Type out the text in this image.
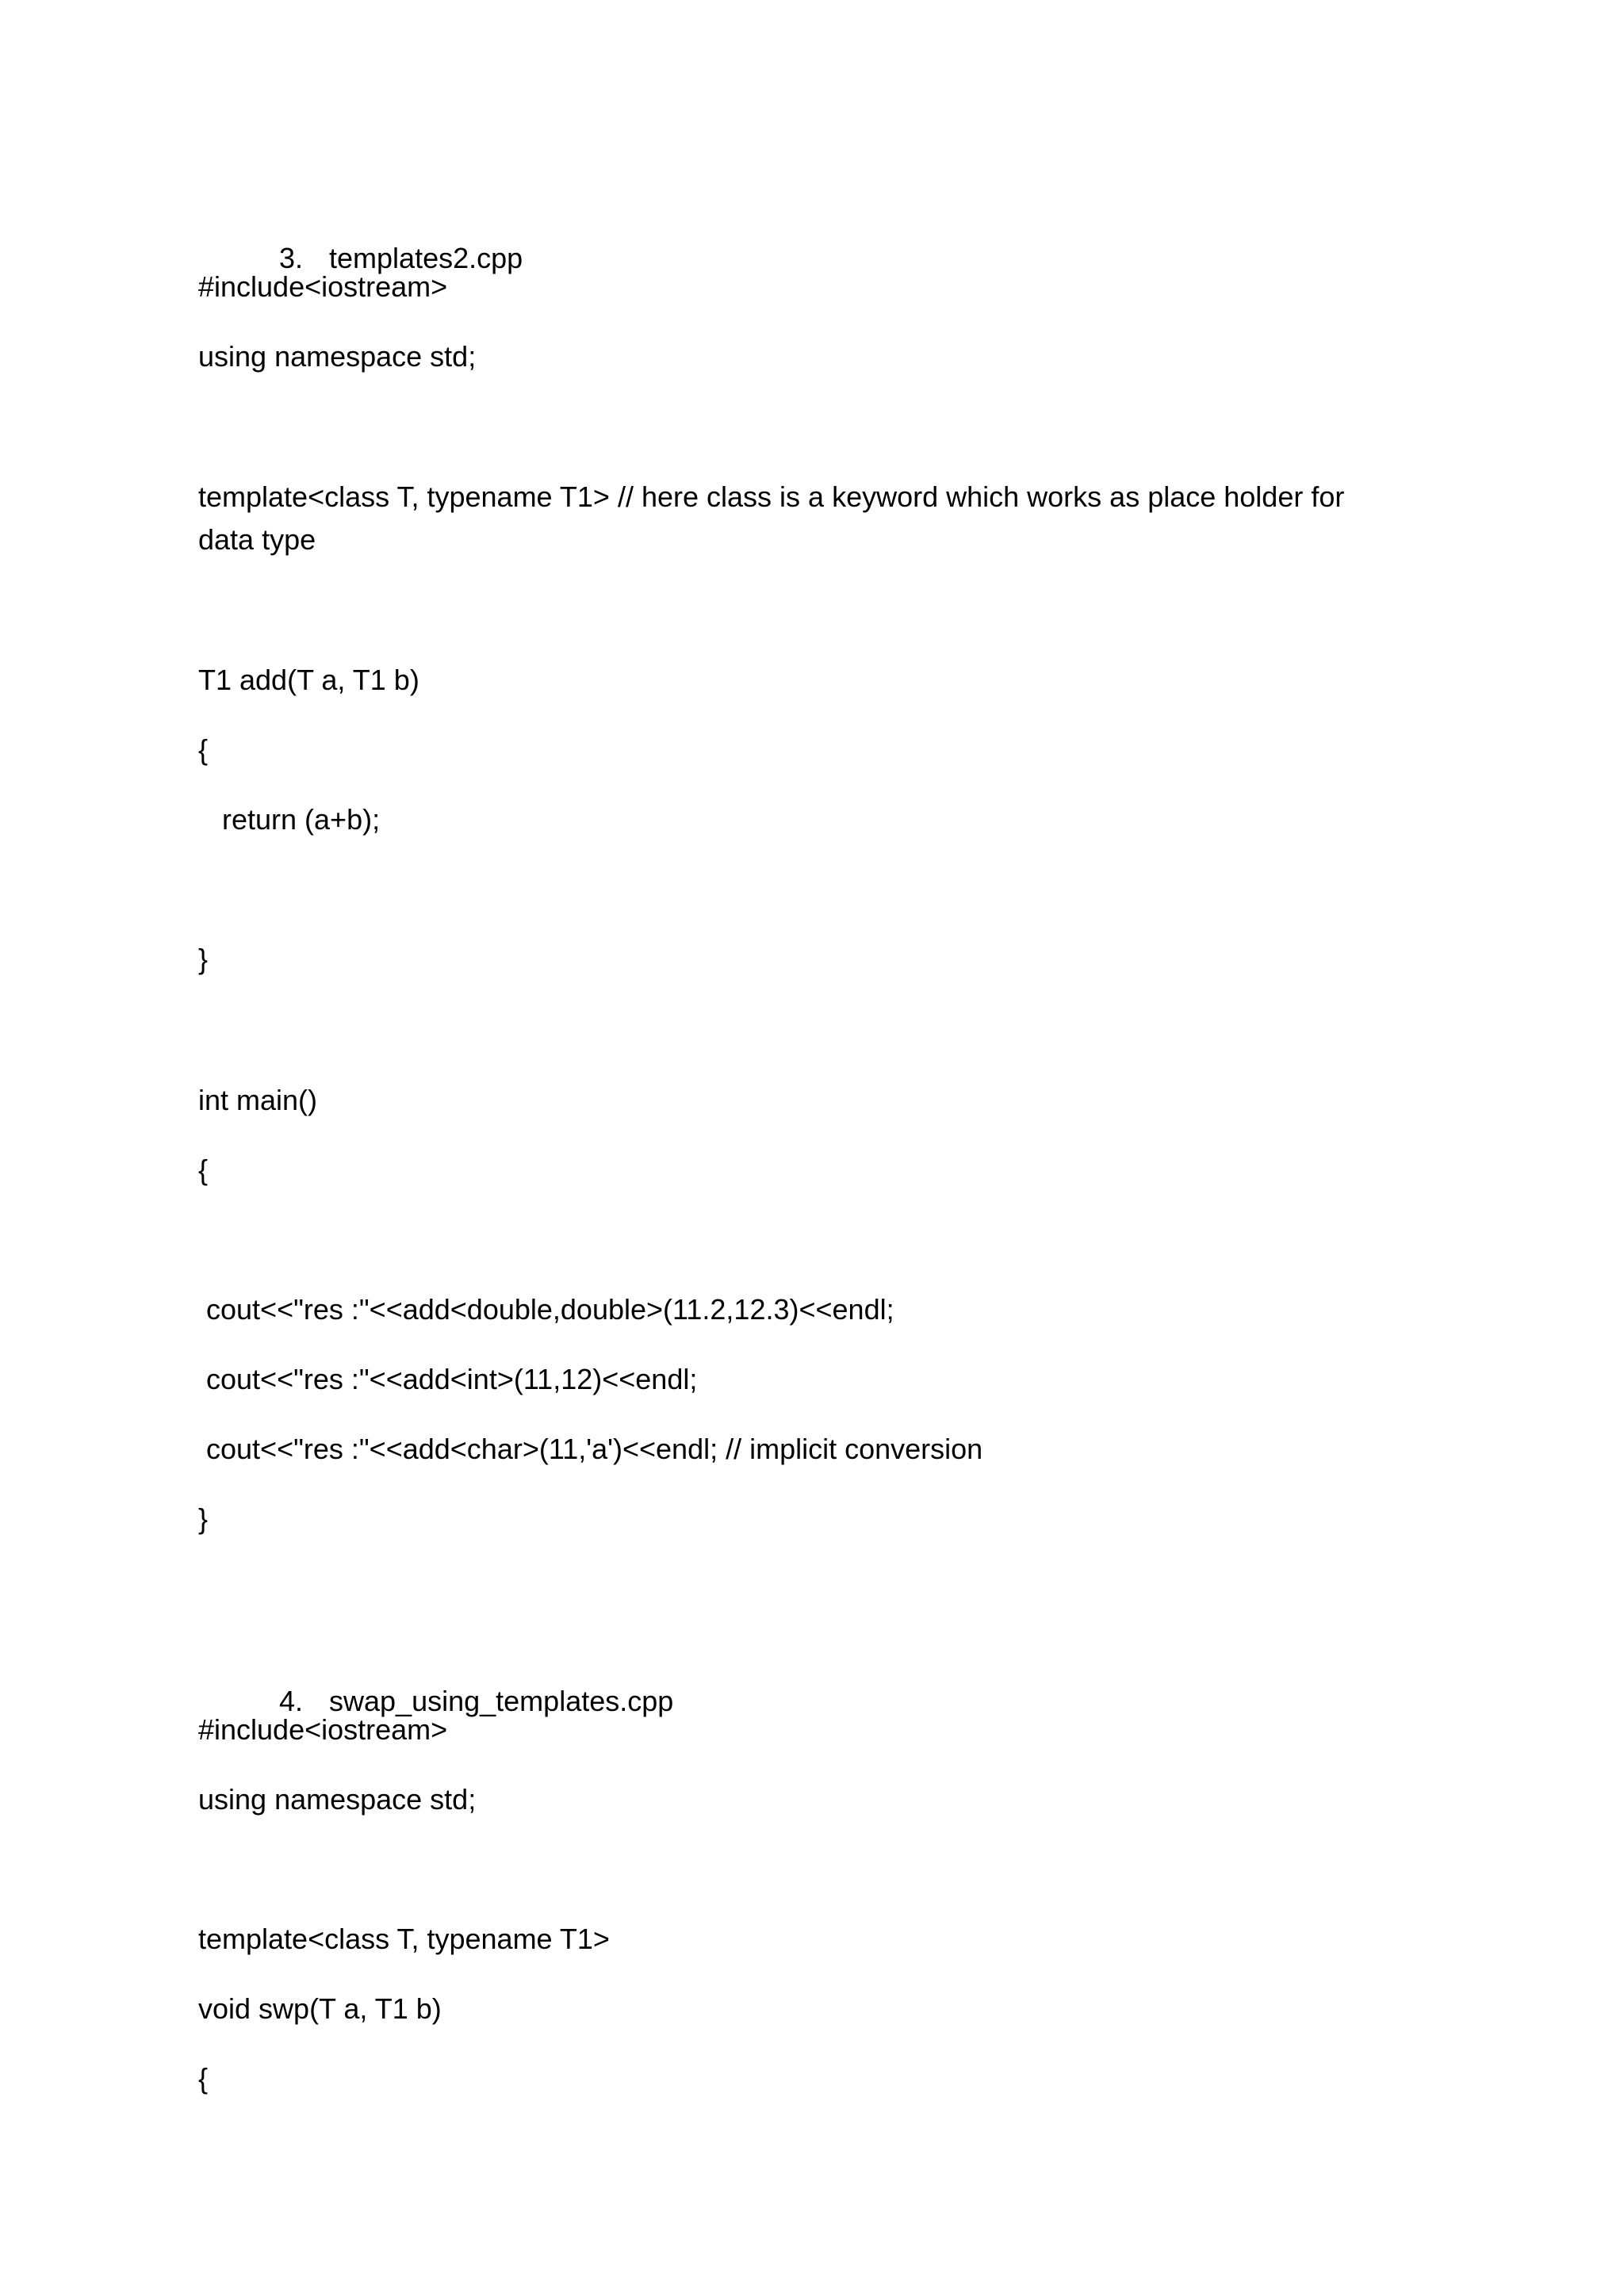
3. templates2.cpp

#include<iostream>

using namespace std;

template<class T, typename T1> // here class is a keyword which works as place holder for data type

T1 add(T a, T1 b)

{

return (a+b);

}

int main()

{

cout<<"res :"<<add<double,double>(11.2,12.3)<<endl;

cout<<"res :"<<add<int>(11,12)<<endl;

cout<<"res :"<<add<char>(11,'a')<<endl; // implicit conversion

}

4. swap_using_templates.cpp

#include<iostream>

using namespace std;

template<class T, typename T1>

void swp(T a, T1 b)

{
